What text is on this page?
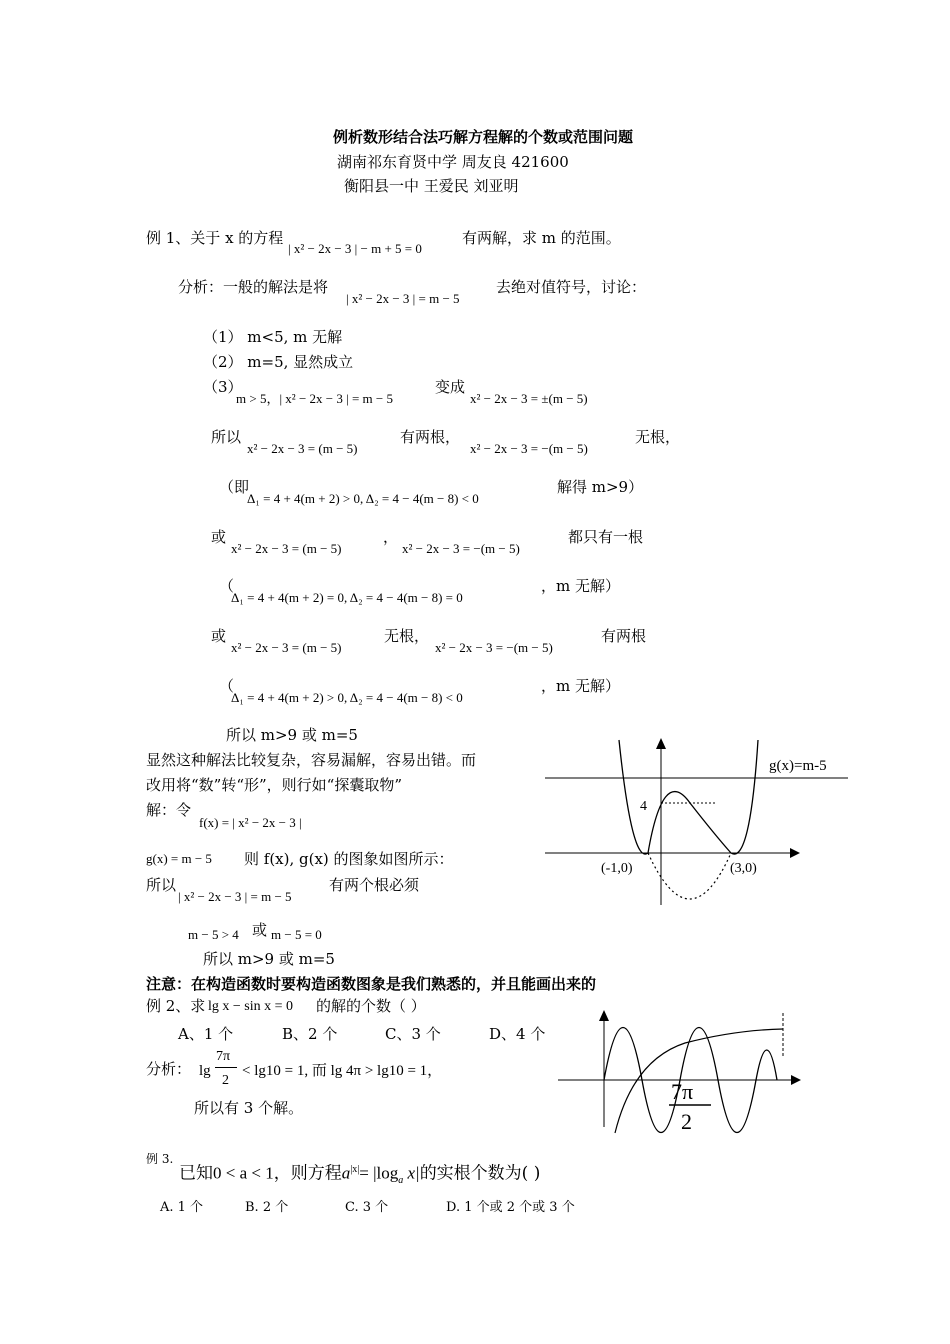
例析数形结合法巧解方程解的个数或范围问题
湖南祁东育贤中学 周友良 421600
衡阳县一中 王爱民 刘亚明
例 1、关于 x 的方程
| x² − 2x − 3 | − m + 5 = 0
有两解，求 m 的范围。
分析：一般的解法是将
| x² − 2x − 3 | = m − 5
去绝对值符号，讨论：
（1） m<5, m 无解
（2） m=5, 显然成立
（3）
m > 5，| x² − 2x − 3 | = m − 5
变成
x² − 2x − 3 = ±(m − 5)
所以
x² − 2x − 3 = (m − 5)
有两根，
x² − 2x − 3 = −(m − 5)
无根，
（即
Δ₁ = 4 + 4(m + 2) > 0, Δ₂ = 4 − 4(m − 8) < 0
解得 m>9）
或
x² − 2x − 3 = (m − 5)
，
x² − 2x − 3 = −(m − 5)
都只有一根
（
Δ₁ = 4 + 4(m + 2) = 0, Δ₂ = 4 − 4(m − 8) = 0
，m 无解）
或
x² − 2x − 3 = (m − 5)
无根，
x² − 2x − 3 = −(m − 5)
有两根
（
Δ₁ = 4 + 4(m + 2) > 0, Δ₂ = 4 − 4(m − 8) < 0
，m 无解）
所以 m>9 或 m=5
显然这种解法比较复杂，容易漏解，容易出错。而
改用将“数”转“形”，则行如“探囊取物”
解：令
f(x) = | x² − 2x − 3 |
g(x) = m − 5 则 f(x), g(x) 的图象如图所示：
所以
| x² − 2x − 3 | = m − 5
有两个根必须
m − 5 > 4 或 m − 5 = 0
所以 m>9 或 m=5
4
g(x)=m-5
(-1,0)	(3,0)
注意：在构造函数时要构造函数图象是我们熟悉的，并且能画出来的
例 2、求 lg x − sin x = 0 的解的个数（ ）
A、1 个	B、2 个	C、3 个	D、4 个
分析： lg
7π
2
< lg10 = 1, 而 lg 4π > lg10 = 1，
所以有 3 个解。
7π
2
例 3.
已知0 < a < 1，则方程$a^{|x|}= |\log_a$ x|的实根个数为( )
A. 1 个	B. 2 个	C. 3 个	D. 1 个或 2 个或 3 个
